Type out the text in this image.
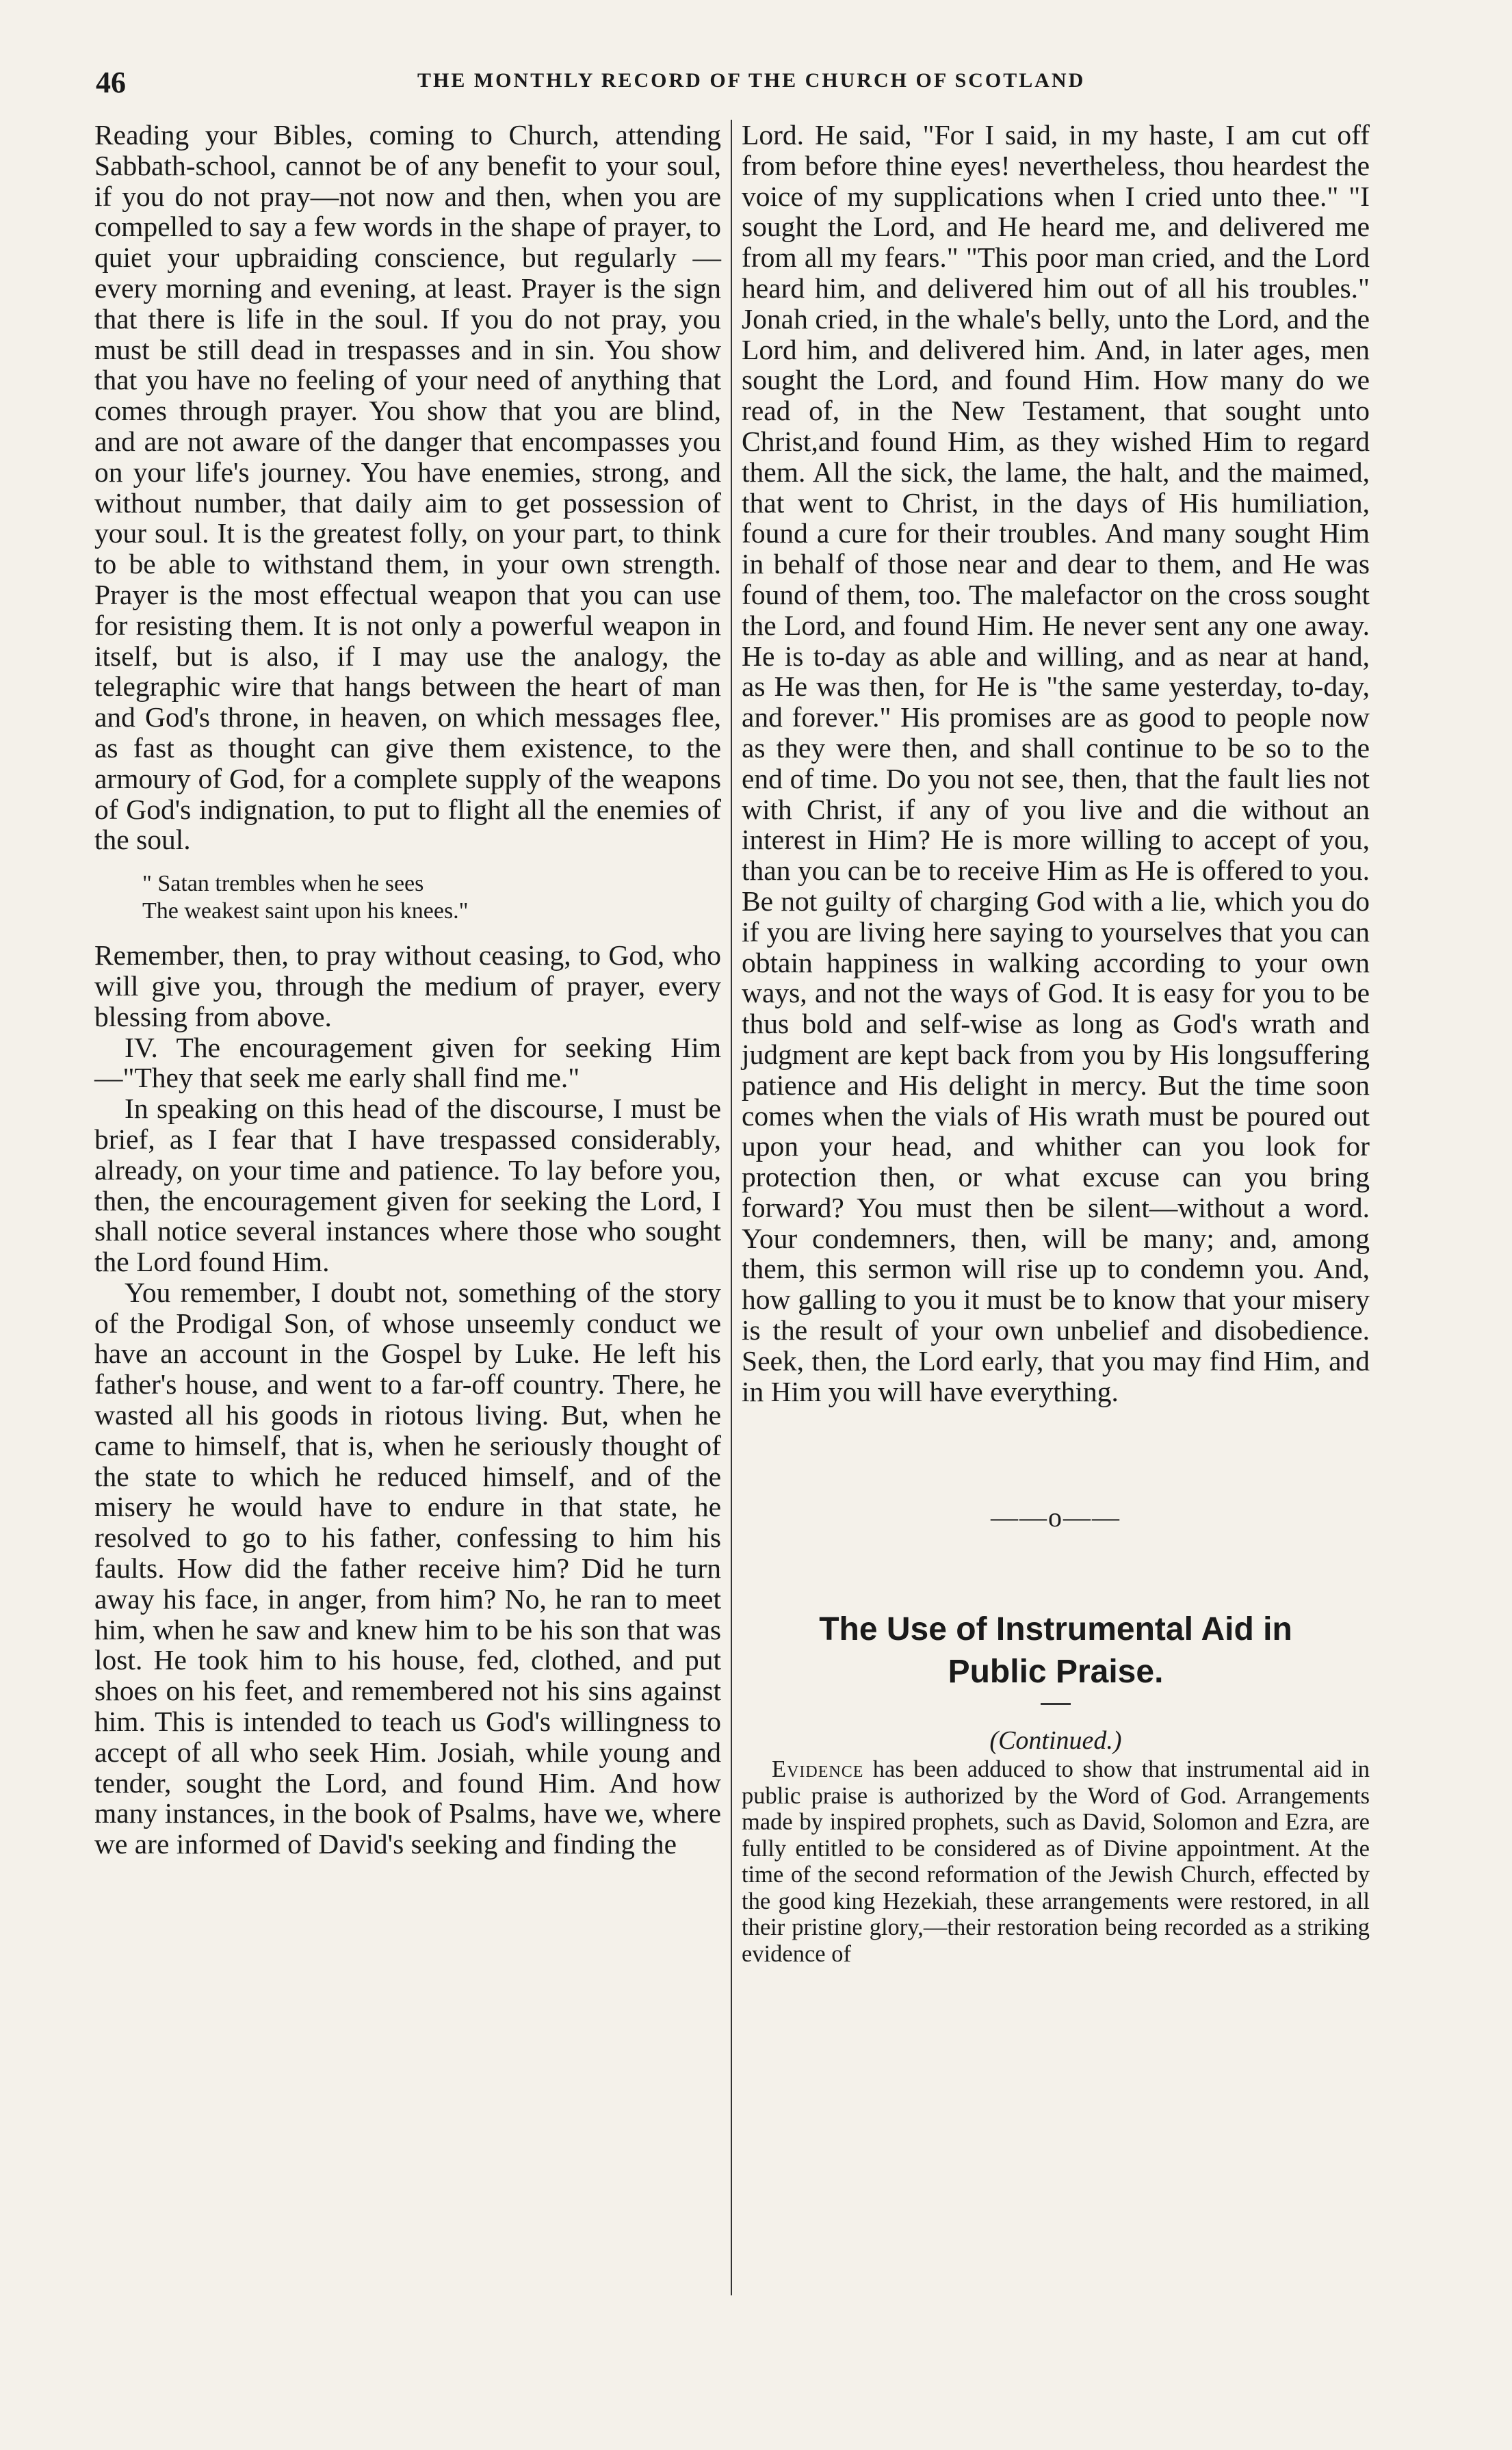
46	THE MONTHLY RECORD OF THE CHURCH OF SCOTLAND

Reading your Bibles, coming to Church, attending Sabbath-school, cannot be of any benefit to your soul, if you do not pray—not now and then, when you are compelled to say a few words in the shape of prayer, to quiet your upbraiding conscience, but regularly —every morning and evening, at least. Prayer is the sign that there is life in the soul. If you do not pray, you must be still dead in trespasses and in sin. You show that you have no feeling of your need of anything that comes through prayer. You show that you are blind, and are not aware of the danger that encompasses you on your life's journey. You have enemies, strong, and without number, that daily aim to get possession of your soul. It is the greatest folly, on your part, to think to be able to withstand them, in your own strength. Prayer is the most effectual weapon that you can use for resisting them. It is not only a powerful weapon in itself, but is also, if I may use the analogy, the telegraphic wire that hangs between the heart of man and God's throne, in heaven, on which messages flee, as fast as thought can give them existence, to the armoury of God, for a complete supply of the weapons of God's indignation, to put to flight all the enemies of the soul.

" Satan trembles when he sees
The weakest saint upon his knees."

Remember, then, to pray without ceasing, to God, who will give you, through the medium of prayer, every blessing from above.

IV. The encouragement given for seeking Him—"They that seek me early shall find me."

In speaking on this head of the discourse, I must be brief, as I fear that I have trespassed considerably, already, on your time and patience. To lay before you, then, the encouragement given for seeking the Lord, I shall notice several instances where those who sought the Lord found Him.

You remember, I doubt not, something of the story of the Prodigal Son, of whose unseemly conduct we have an account in the Gospel by Luke. He left his father's house, and went to a far-off country. There, he wasted all his goods in riotous living. But, when he came to himself, that is, when he seriously thought of the state to which he reduced himself, and of the misery he would have to endure in that state, he resolved to go to his father, confessing to him his faults. How did the father receive him? Did he turn away his face, in anger, from him? No, he ran to meet him, when he saw and knew him to be his son that was lost. He took him to his house, fed, clothed, and put shoes on his feet, and remembered not his sins against him. This is intended to teach us God's willingness to accept of all who seek Him. Josiah, while young and tender, sought the Lord, and found Him. And how many instances, in the book of Psalms, have we, where we are informed of David's seeking and finding the

Lord. He said, "For I said, in my haste, I am cut off from before thine eyes! nevertheless, thou heardest the voice of my supplications when I cried unto thee." "I sought the Lord, and He heard me, and delivered me from all my fears." "This poor man cried, and the Lord heard him, and delivered him out of all his troubles." Jonah cried, in the whale's belly, unto the Lord, and the Lord him, and delivered him. And, in later ages, men sought the Lord, and found Him. How many do we read of, in the New Testament, that sought unto Christ,and found Him, as they wished Him to regard them. All the sick, the lame, the halt, and the maimed, that went to Christ, in the days of His humiliation, found a cure for their troubles. And many sought Him in behalf of those near and dear to them, and He was found of them, too. The malefactor on the cross sought the Lord, and found Him. He never sent any one away. He is to-day as able and willing, and as near at hand, as He was then, for He is "the same yesterday, to-day, and forever." His promises are as good to people now as they were then, and shall continue to be so to the end of time. Do you not see, then, that the fault lies not with Christ, if any of you live and die without an interest in Him? He is more willing to accept of you, than you can be to receive Him as He is offered to you. Be not guilty of charging God with a lie, which you do if you are living here saying to yourselves that you can obtain happiness in walking according to your own ways, and not the ways of God. It is easy for you to be thus bold and self-wise as long as God's wrath and judgment are kept back from you by His longsuffering patience and His delight in mercy. But the time soon comes when the vials of His wrath must be poured out upon your head, and whither can you look for protection then, or what excuse can you bring forward? You must then be silent—without a word. Your condemners, then, will be many; and, among them, this sermon will rise up to condemn you. And, how galling to you it must be to know that your misery is the result of your own unbelief and disobedience. Seek, then, the Lord early, that you may find Him, and in Him you will have everything.

——o——

The Use of Instrumental Aid in
Public Praise.

(Continued.)

Evidence has been adduced to show that instrumental aid in public praise is authorized by the Word of God. Arrangements made by inspired prophets, such as David, Solomon and Ezra, are fully entitled to be considered as of Divine appointment. At the time of the second reformation of the Jewish Church, effected by the good king Hezekiah, these arrangements were restored, in all their pristine glory,—their restoration being recorded as a striking evidence of
